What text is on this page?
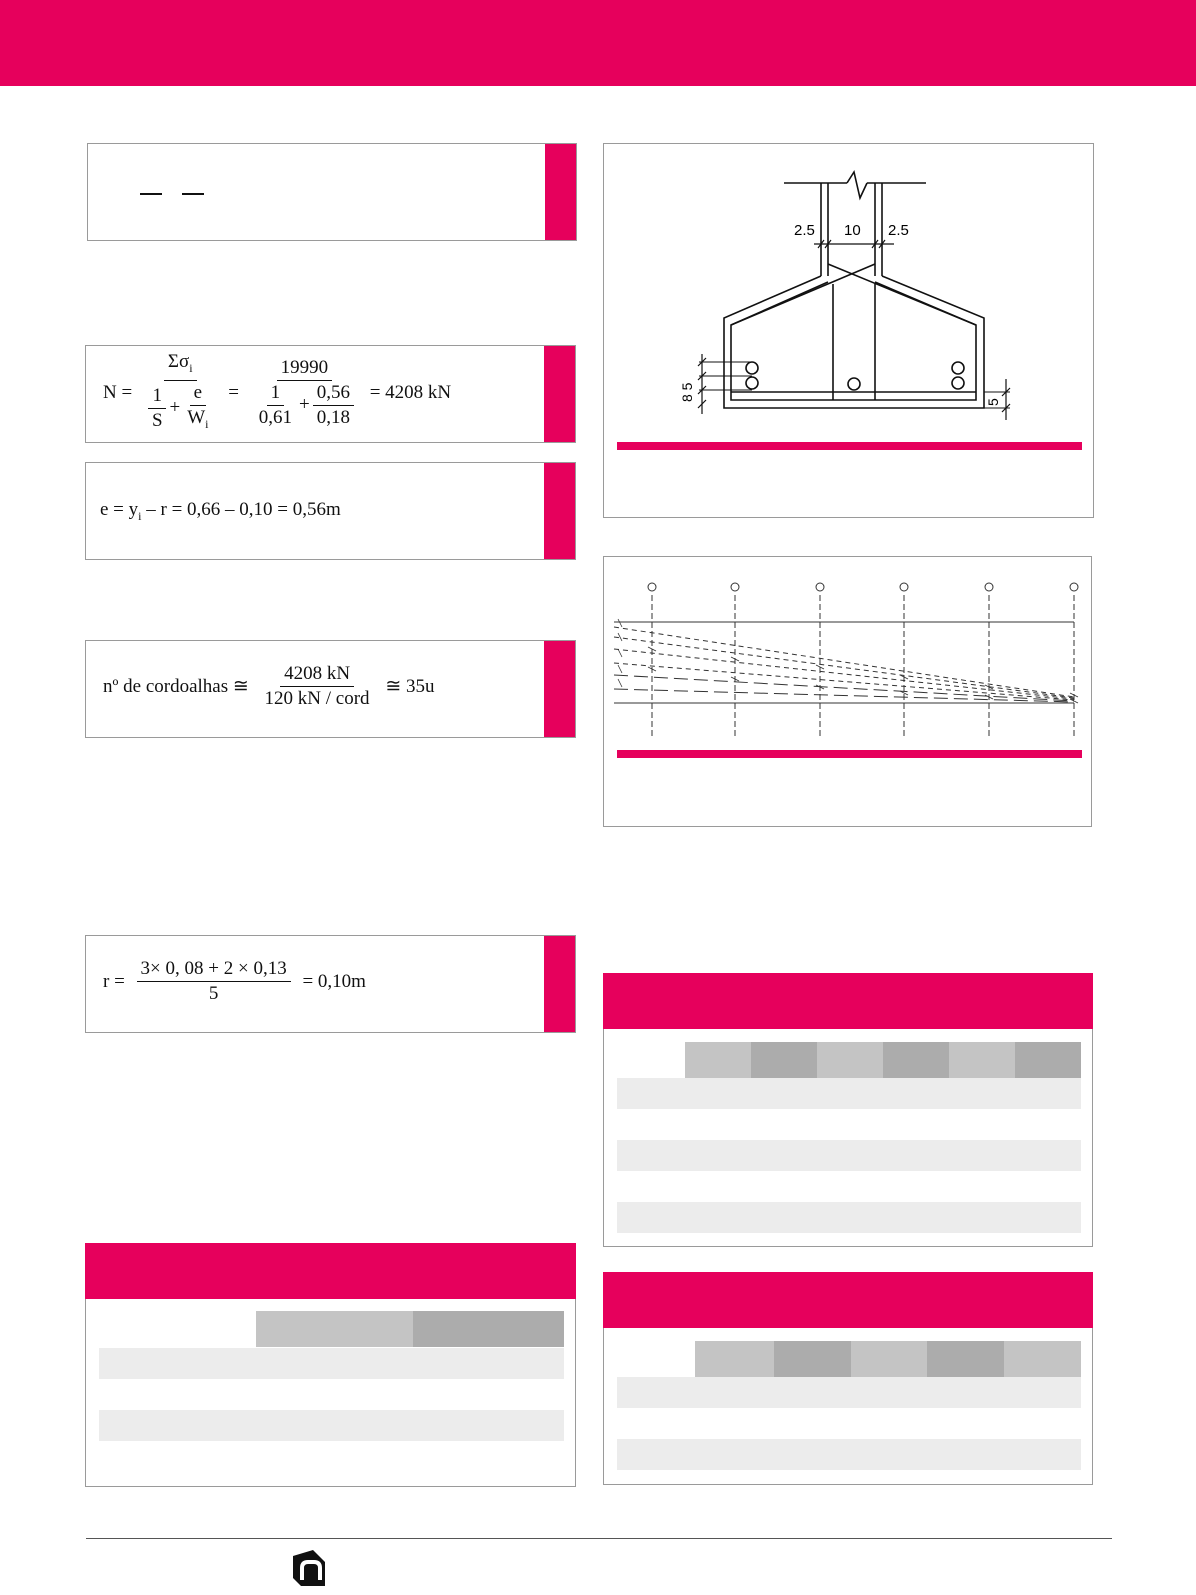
$N = \frac{\Sigma\sigma_i}{\frac{1}{S} + \frac{e}{W_i}} = \frac{19990}{\frac{1}{0,61} + \frac{0,56}{0,18}} = 4208$ kN
$e = y_i - r = 0,66 - 0,10 = 0,56m$
nº de cordoalhas ≅ $\frac{4208 kN}{\text{120 kN / cord}}$ ≅ 35u
$r = \frac{3\times 0, 08 + 2 \times 0,13}{5} = 0,10m$
2.5 10 2.5
8 5
5
